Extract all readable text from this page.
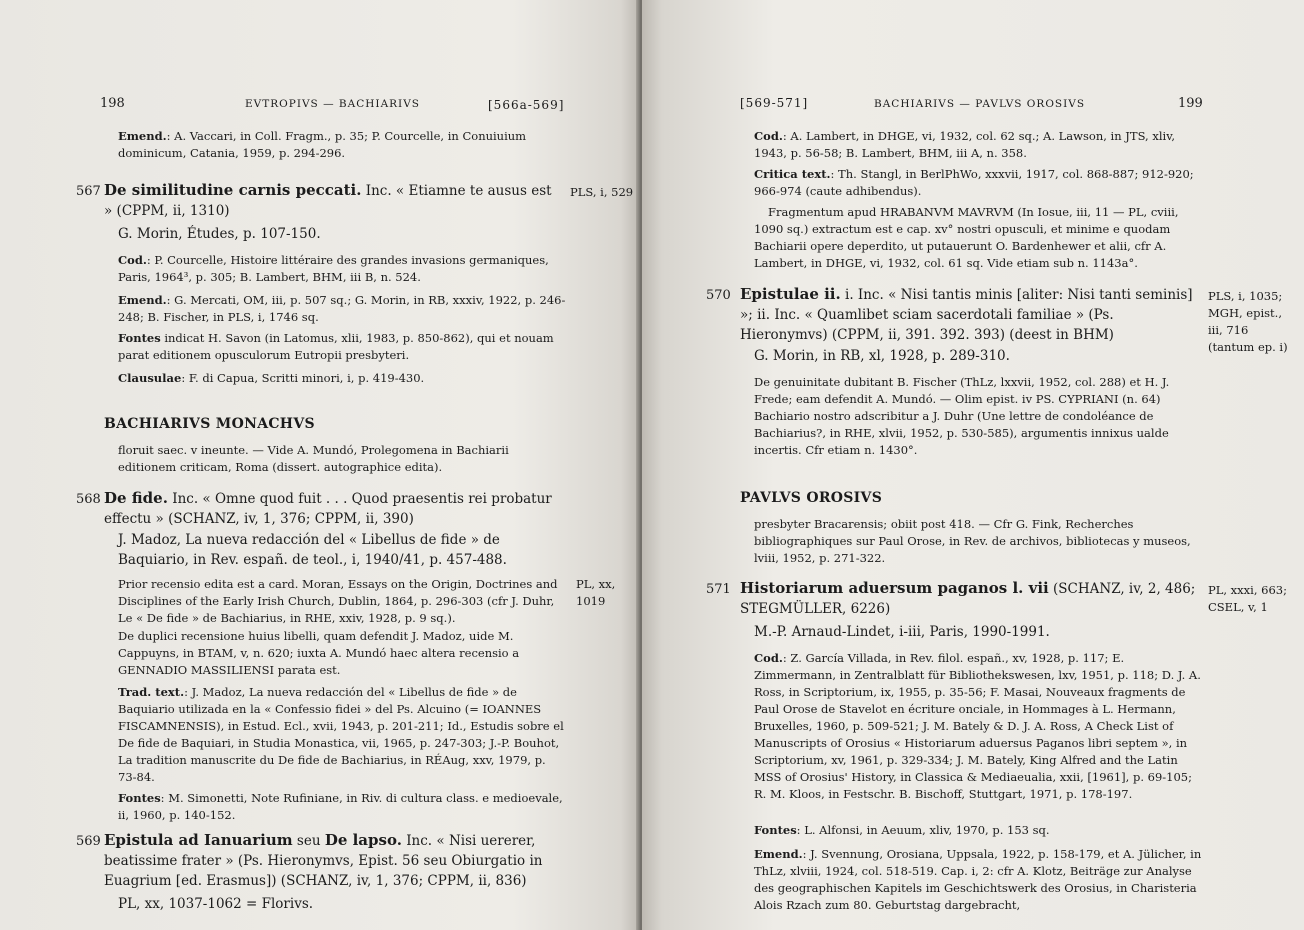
198	EVTROPIVS — BACHIARIVS	[566a-569]
Emend.: A. Vaccari, in Coll. Fragm., p. 35; P. Courcelle, in Conuiuium dominicum, Catania, 1959, p. 294-296.
567 De similitudine carnis peccati. Inc. « Etiamne te ausus est » (CPPM, ii, 1310)
PLS, i, 529
G. Morin, Études, p. 107-150.
Cod.: P. Courcelle, Histoire littéraire des grandes invasions germaniques, Paris, 1964³, p. 305; B. Lambert, BHM, iii B, n. 524.
Emend.: G. Mercati, OM, iii, p. 507 sq.; G. Morin, in RB, xxxiv, 1922, p. 246-248; B. Fischer, in PLS, i, 1746 sq.
Fontes indicat H. Savon (in Latomus, xlii, 1983, p. 850-862), qui et nouam parat editionem opusculorum Eutropii presbyteri.
Clausulae: F. di Capua, Scritti minori, i, p. 419-430.
BACHIARIVS MONACHVS
floruit saec. v ineunte. — Vide A. Mundó, Prolegomena in Bachiarii editionem criticam, Roma (dissert. autographice edita).
568 De fide. Inc. « Omne quod fuit . . . Quod praesentis rei probatur effectu » (SCHANZ, iv, 1, 376; CPPM, ii, 390)
J. Madoz, La nueva redacción del « Libellus de fide » de Baquiario, in Rev. españ. de teol., i, 1940/41, p. 457-488.
Prior recensio edita est a card. Moran, Essays on the Origin, Doctrines and Disciplines of the Early Irish Church, Dublin, 1864, p. 296-303 (cfr J. Duhr, Le « De fide » de Bachiarius, in RHE, xxiv, 1928, p. 9 sq.).
PL, xx, 1019
De duplici recensione huius libelli, quam defendit J. Madoz, uide M. Cappuyns, in BTAM, v, n. 620; iuxta A. Mundó haec altera recensio a GENNADIO MASSILIENSI parata est.
Trad. text.: J. Madoz, La nueva redacción del « Libellus de fide » de Baquiario utilizada en la « Confessio fidei » del Ps. Alcuino (= IOANNES FISCAMNENSIS), in Estud. Ecl., xvii, 1943, p. 201-211; Id., Estudis sobre el De fide de Baquiari, in Studia Monastica, vii, 1965, p. 247-303; J.-P. Bouhot, La tradition manuscrite du De fide de Bachiarius, in RÉAug, xxv, 1979, p. 73-84.
Fontes: M. Simonetti, Note Rufiniane, in Riv. di cultura class. e medioevale, ii, 1960, p. 140-152.
569 Epistula ad Ianuarium seu De lapso. Inc. « Nisi uererer, beatissime frater » (Ps. Hieronymvs, Epist. 56 seu Obiurgatio in Euagrium [ed. Erasmus]) (SCHANZ, iv, 1, 376; CPPM, ii, 836)
PL, xx, 1037-1062 = Florivs.
[569-571]	BACHIARIVS — PAVLVS OROSIVS	199
Cod.: A. Lambert, in DHGE, vi, 1932, col. 62 sq.; A. Lawson, in JTS, xliv, 1943, p. 56-58; B. Lambert, BHM, iii A, n. 358.
Critica text.: Th. Stangl, in BerlPhWo, xxxvii, 1917, col. 868-887; 912-920; 966-974 (caute adhibendus).
Fragmentum apud HRABANVM MAVRVM (In Iosue, iii, 11 — PL, cviii, 1090 sq.) extractum est e cap. xv° nostri opusculi, et minime e quodam Bachiarii opere deperdito, ut putauerunt O. Bardenhewer et alii, cfr A. Lambert, in DHGE, vi, 1932, col. 61 sq. Vide etiam sub n. 1143a°.
570 Epistulae ii. i. Inc. « Nisi tantis minis [aliter: Nisi tanti seminis] »; ii. Inc. « Quamlibet sciam sacerdotali familiae » (Ps. Hieronymvs) (CPPM, ii, 391. 392. 393) (deest in BHM)
PLS, i, 1035; MGH, epist., iii, 716 (tantum ep. i)
G. Morin, in RB, xl, 1928, p. 289-310.
De genuinitate dubitant B. Fischer (ThLz, lxxvii, 1952, col. 288) et H. J. Frede; eam defendit A. Mundó. — Olim epist. iv PS. CYPRIANI (n. 64) Bachiario nostro adscribitur a J. Duhr (Une lettre de condoléance de Bachiarius?, in RHE, xlvii, 1952, p. 530-585), argumentis innixus ualde incertis. Cfr etiam n. 1430°.
PAVLVS OROSIVS
presbyter Bracarensis; obiit post 418. — Cfr G. Fink, Recherches bibliographiques sur Paul Orose, in Rev. de archivos, bibliotecas y museos, lviii, 1952, p. 271-322.
571 Historiarum aduersum paganos l. vii (SCHANZ, iv, 2, 486; STEGMÜLLER, 6226)
PL, xxxi, 663; CSEL, v, 1
M.-P. Arnaud-Lindet, i-iii, Paris, 1990-1991.
Cod.: Z. García Villada, in Rev. filol. españ., xv, 1928, p. 117; E. Zimmermann, in Zentralblatt für Bibliothekswesen, lxv, 1951, p. 118; D. J. A. Ross, in Scriptorium, ix, 1955, p. 35-56; F. Masai, Nouveaux fragments de Paul Orose de Stavelot en écriture onciale, in Hommages à L. Hermann, Bruxelles, 1960, p. 509-521; J. M. Bately & D. J. A. Ross, A Check List of Manuscripts of Orosius « Historiarum aduersus Paganos libri septem », in Scriptorium, xv, 1961, p. 329-334; J. M. Bately, King Alfred and the Latin MSS of Orosius' History, in Classica & Mediaeualia, xxii, [1961], p. 69-105; R. M. Kloos, in Festschr. B. Bischoff, Stuttgart, 1971, p. 178-197.
Fontes: L. Alfonsi, in Aeuum, xliv, 1970, p. 153 sq.
Emend.: J. Svennung, Orosiana, Uppsala, 1922, p. 158-179, et A. Jülicher, in ThLz, xlviii, 1924, col. 518-519. Cap. i, 2: cfr A. Klotz, Beiträge zur Analyse des geographischen Kapitels im Geschichtswerk des Orosius, in Charisteria Alois Rzach zum 80. Geburtstag dargebracht,
